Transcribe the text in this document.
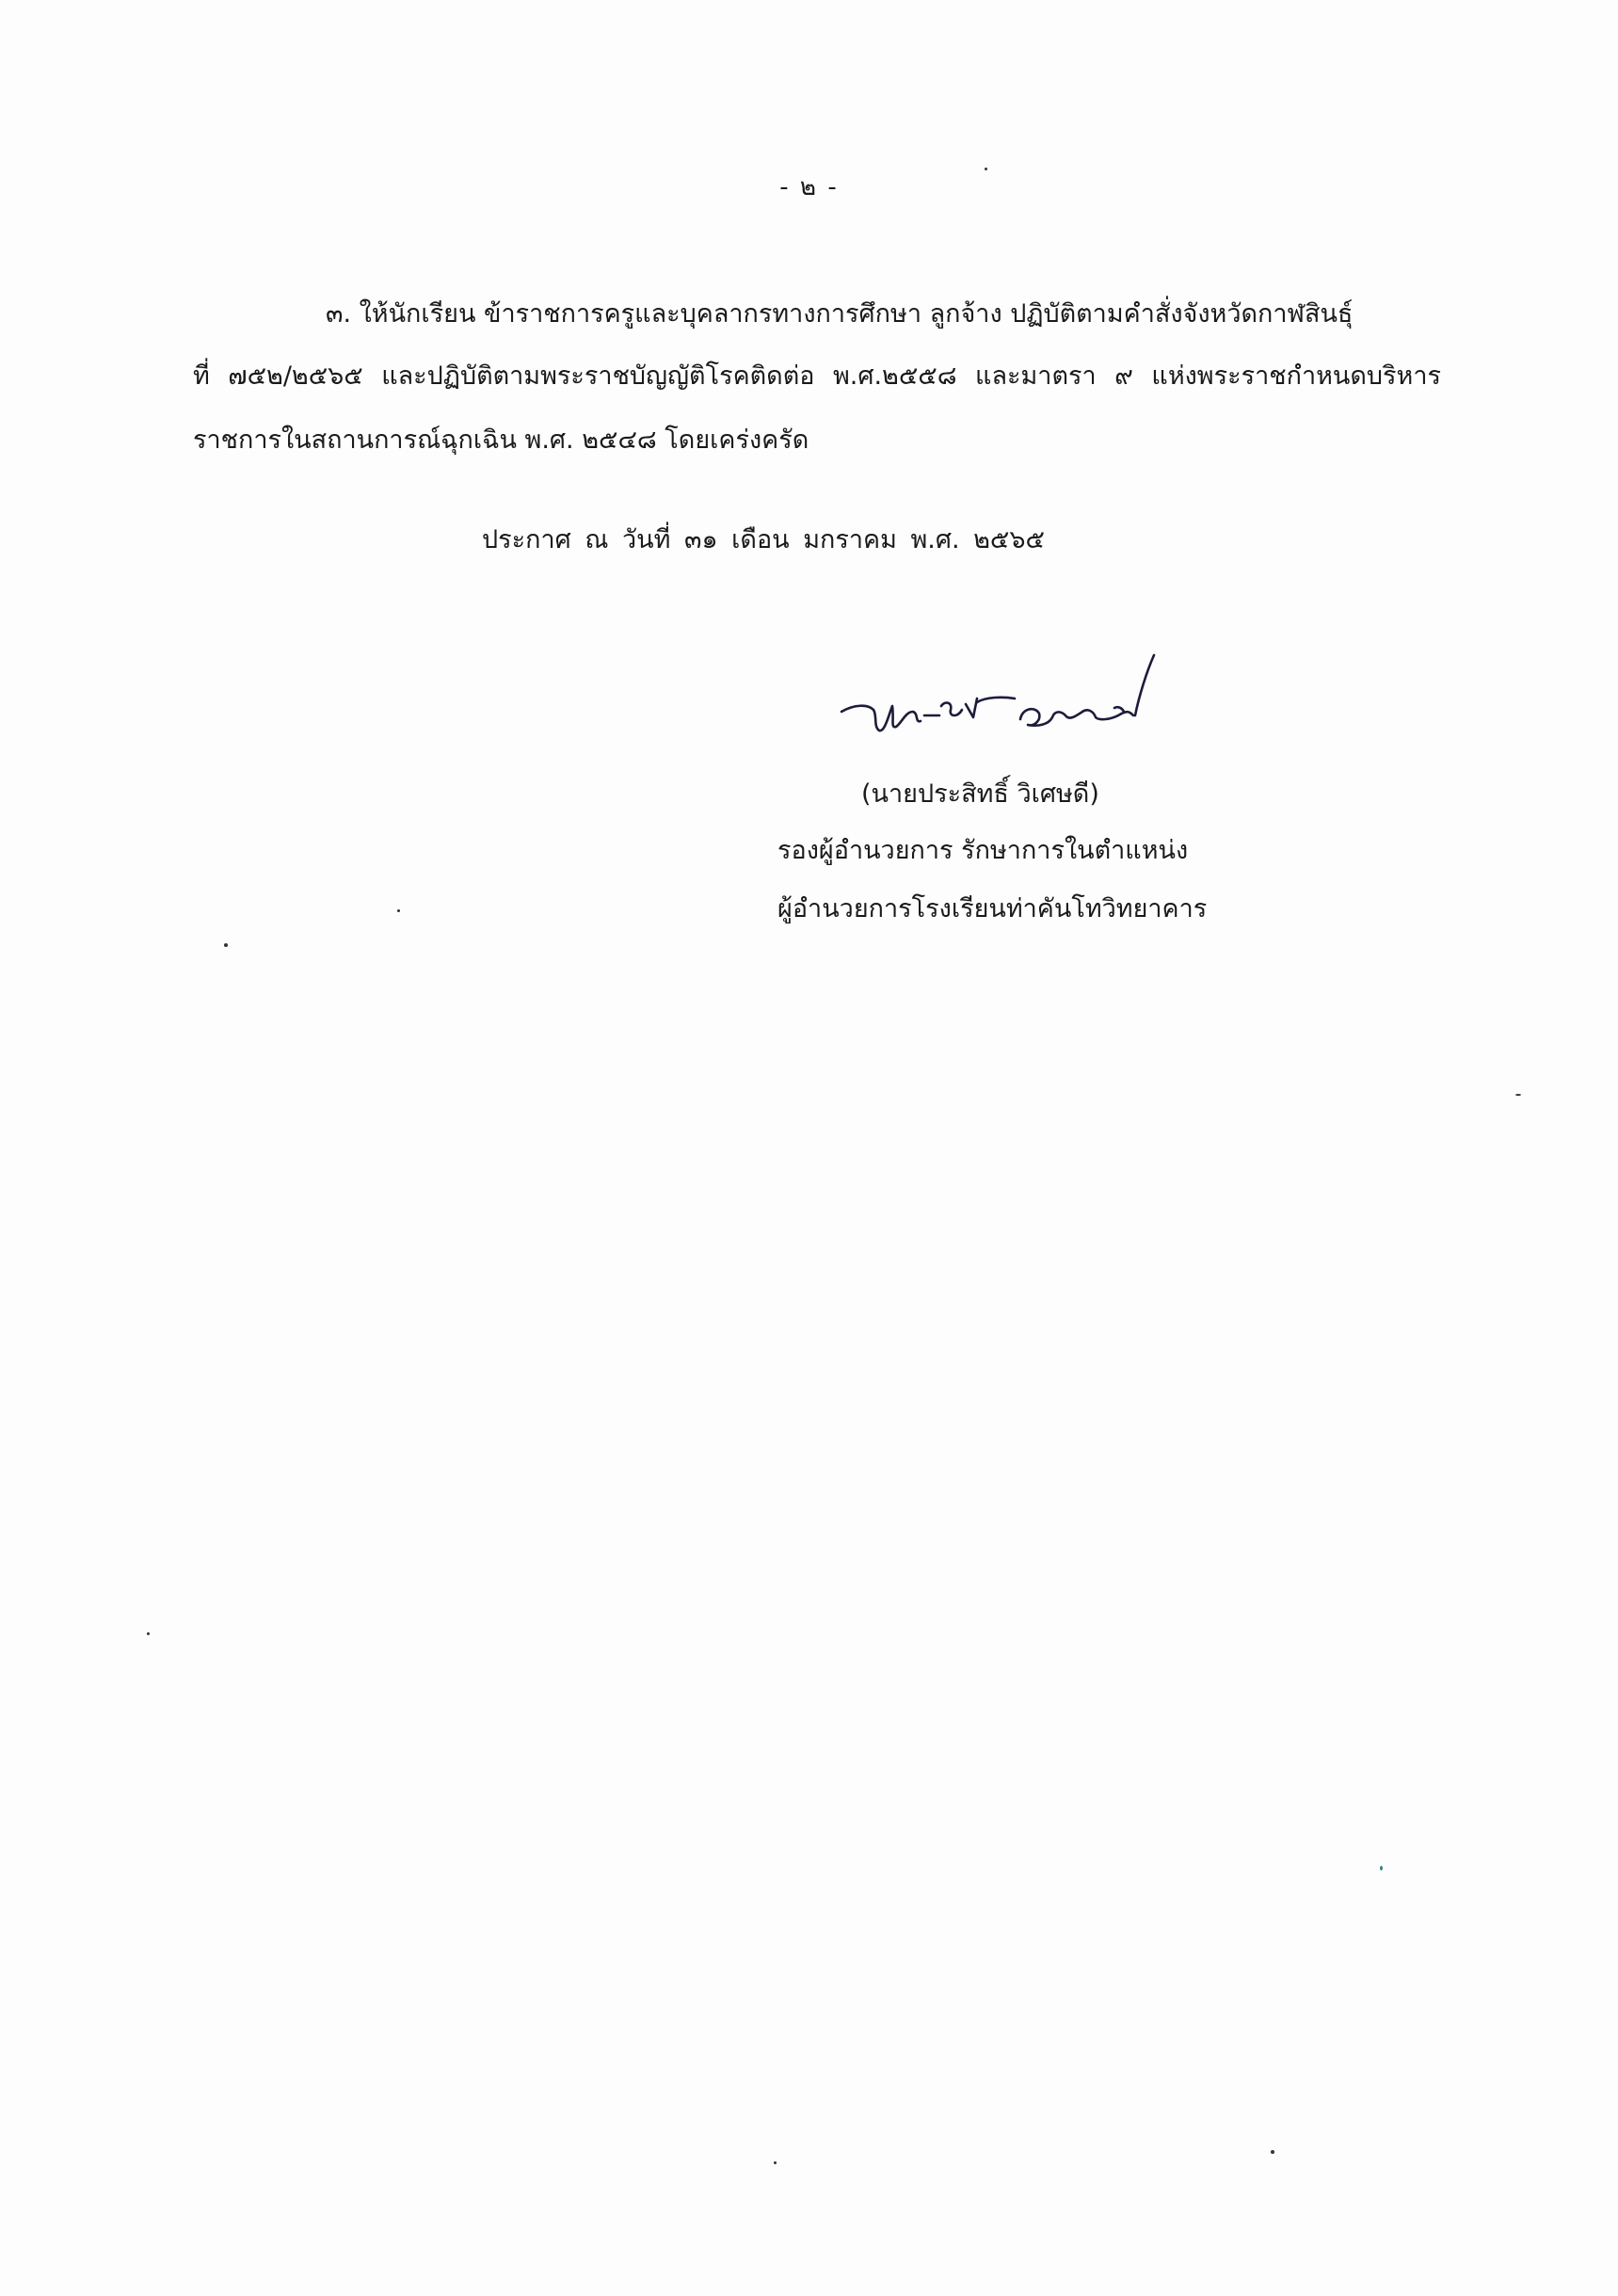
- ๒ -
๓. ให้นักเรียน ข้าราชการครูและบุคลากรทางการศึกษา ลูกจ้าง ปฏิบัติตามคำสั่งจังหวัดกาฬสินธุ์
ที่ ๗๕๒/๒๕๖๕ และปฏิบัติตามพระราชบัญญัติโรคติดต่อ พ.ศ.๒๕๕๘ และมาตรา ๙ แห่งพระราชกำหนดบริหาร
ราชการในสถานการณ์ฉุกเฉิน พ.ศ. ๒๕๔๘ โดยเคร่งครัด
ประกาศ ณ วันที่ ๓๑ เดือน มกราคม พ.ศ. ๒๕๖๕
(นายประสิทธิ์ วิเศษดี)
รองผู้อำนวยการ รักษาการในตำแหน่ง
ผู้อำนวยการโรงเรียนท่าคันโทวิทยาคาร
